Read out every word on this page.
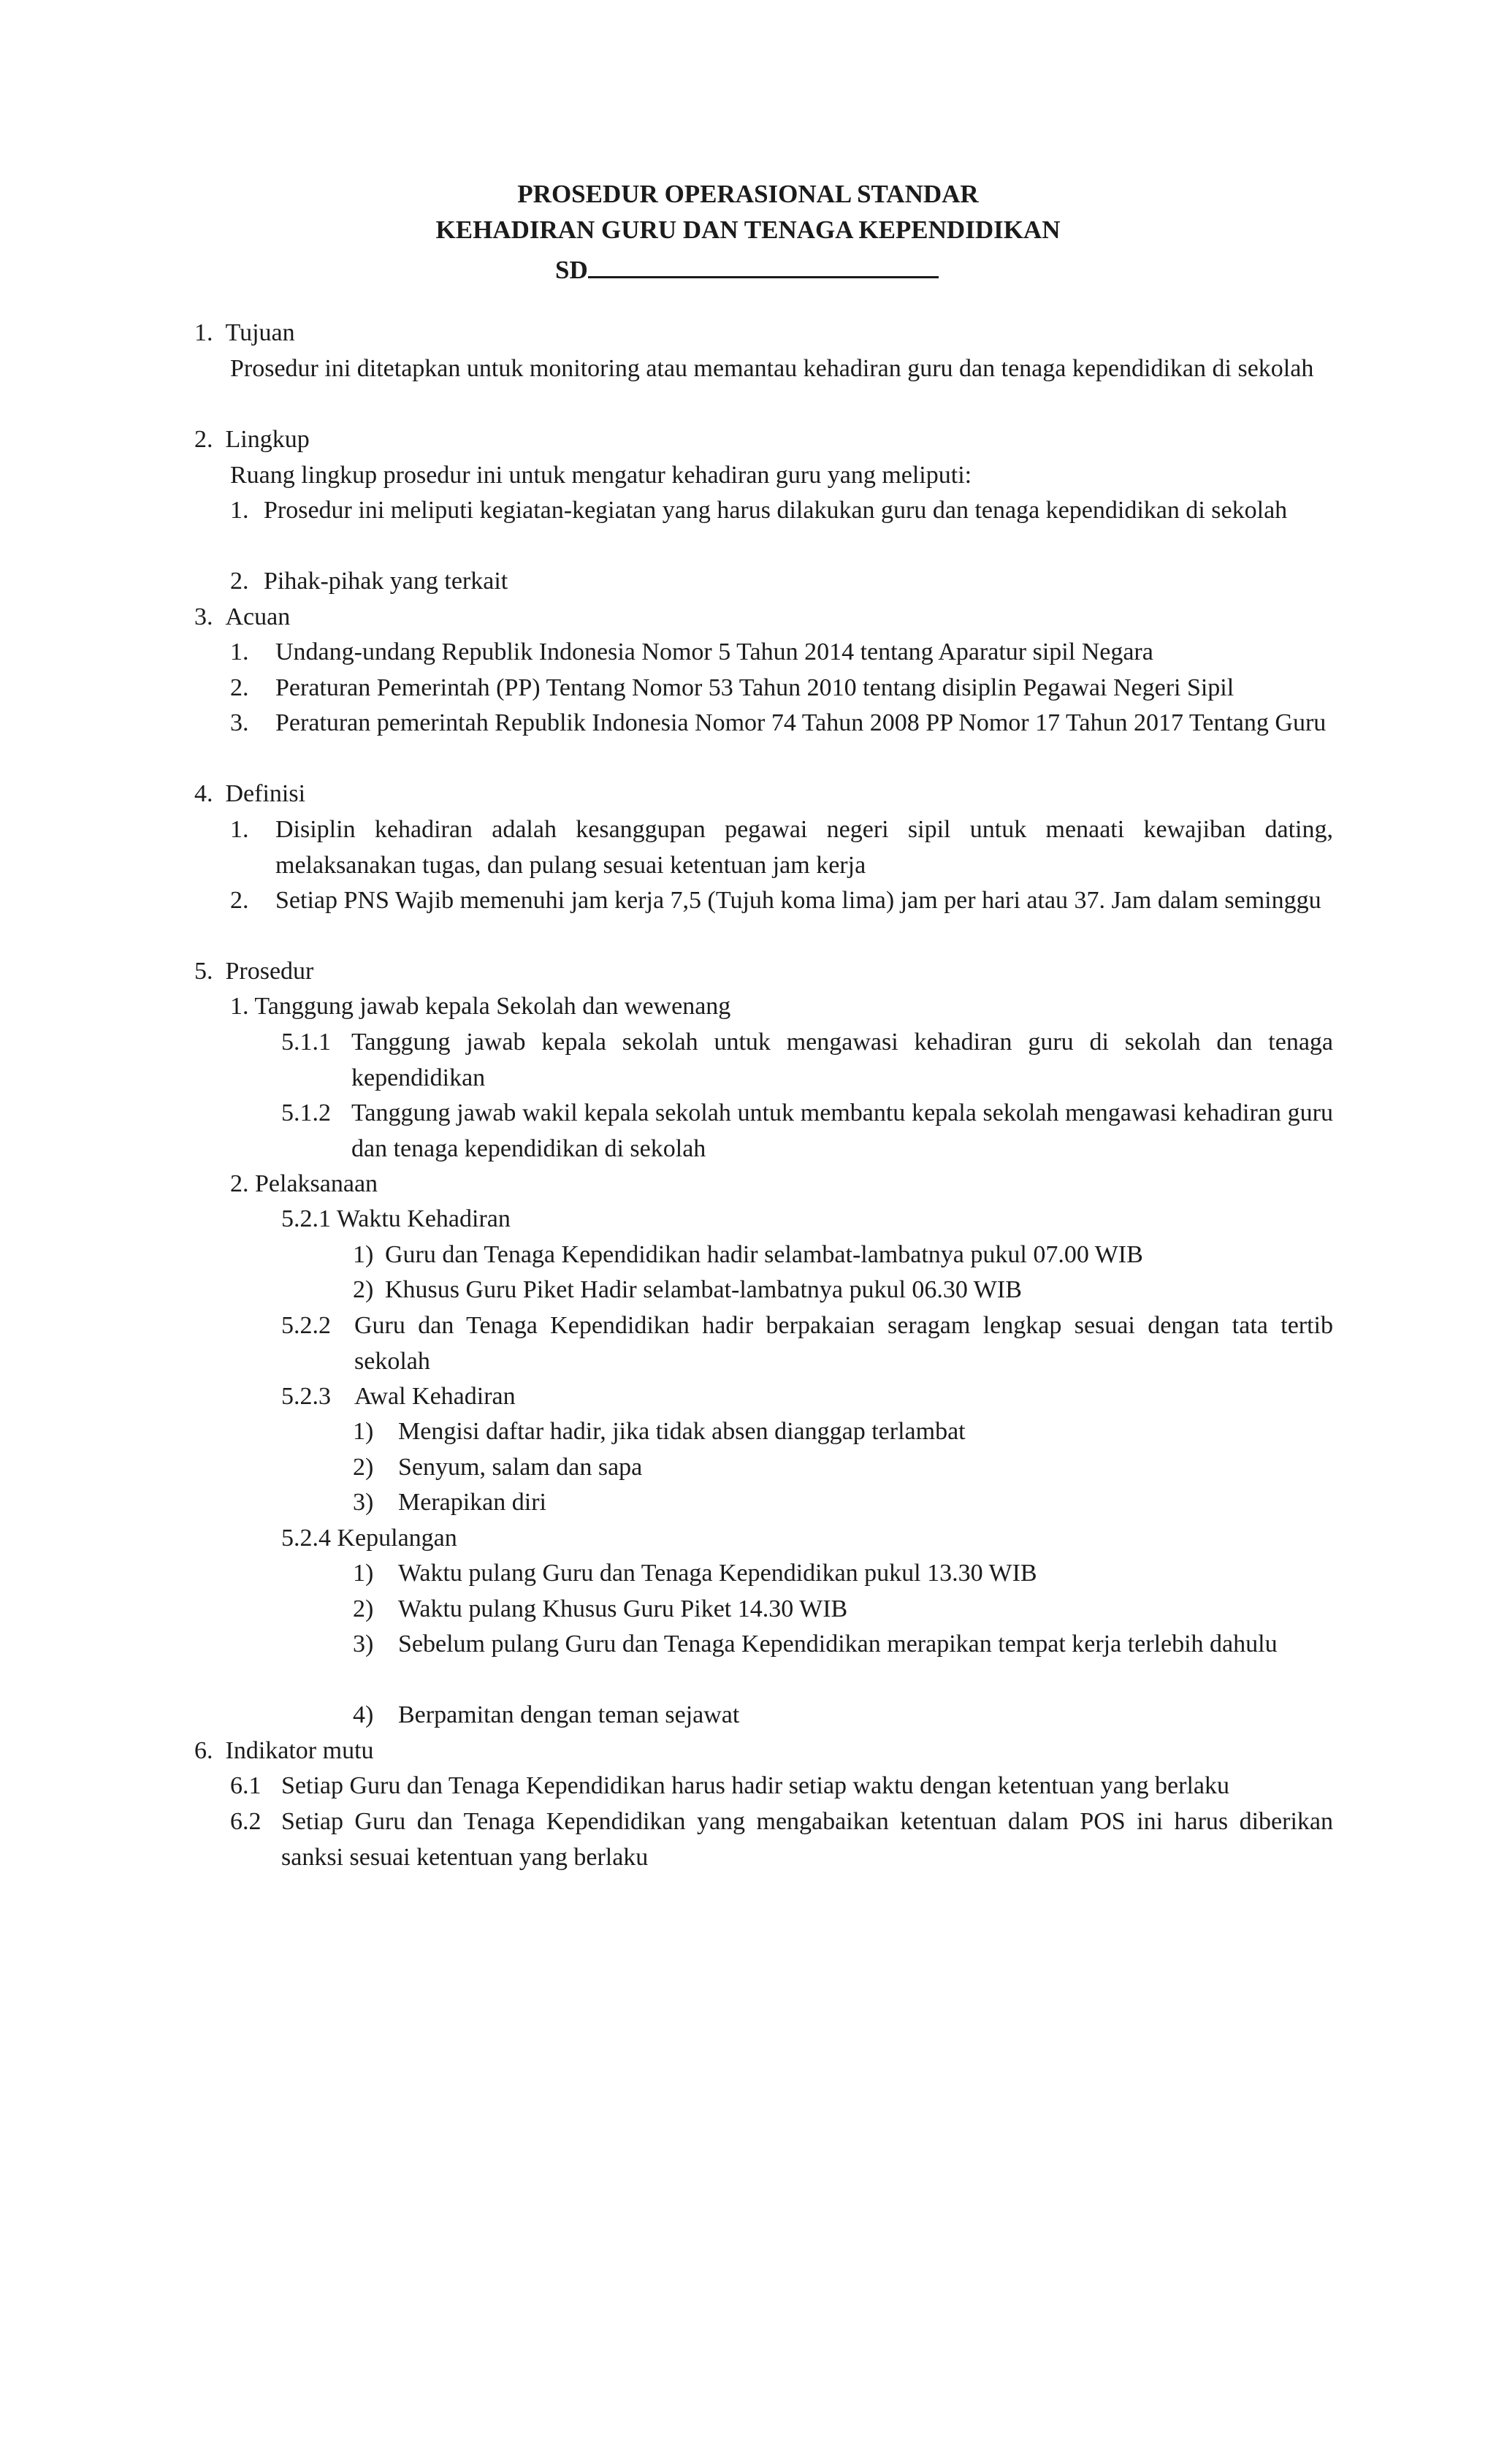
PROSEDUR OPERASIONAL STANDAR
KEHADIRAN GURU DAN TENAGA KEPENDIDIKAN
SD
1. Tujuan
Prosedur ini ditetapkan untuk monitoring atau memantau kehadiran guru dan tenaga kependidikan di sekolah
2. Lingkup
Ruang lingkup prosedur ini untuk mengatur kehadiran guru yang meliputi:
1. Prosedur ini meliputi kegiatan-kegiatan yang harus dilakukan guru dan tenaga kependidikan di sekolah
2. Pihak-pihak yang terkait
3. Acuan
1. Undang-undang Republik Indonesia Nomor 5 Tahun 2014 tentang Aparatur sipil Negara
2. Peraturan Pemerintah (PP) Tentang Nomor 53 Tahun 2010 tentang disiplin Pegawai Negeri Sipil
3. Peraturan pemerintah Republik Indonesia Nomor 74 Tahun 2008 PP Nomor 17 Tahun 2017 Tentang Guru
4. Definisi
1. Disiplin kehadiran adalah kesanggupan pegawai negeri sipil untuk menaati kewajiban dating, melaksanakan tugas, dan pulang sesuai ketentuan jam kerja
2. Setiap PNS Wajib memenuhi jam kerja 7,5 (Tujuh koma lima) jam per hari atau 37. Jam dalam seminggu
5. Prosedur
1. Tanggung jawab kepala Sekolah dan wewenang
5.1.1 Tanggung jawab kepala sekolah untuk mengawasi kehadiran guru di sekolah dan tenaga kependidikan
5.1.2 Tanggung jawab wakil kepala sekolah untuk membantu kepala sekolah mengawasi kehadiran guru dan tenaga kependidikan di sekolah
2. Pelaksanaan
5.2.1 Waktu Kehadiran
1) Guru dan Tenaga Kependidikan hadir selambat-lambatnya pukul 07.00 WIB
2) Khusus Guru Piket Hadir selambat-lambatnya pukul 06.30 WIB
5.2.2 Guru dan Tenaga Kependidikan hadir berpakaian seragam lengkap sesuai dengan tata tertib sekolah
5.2.3 Awal Kehadiran
1) Mengisi daftar hadir, jika tidak absen dianggap terlambat
2) Senyum, salam dan sapa
3) Merapikan diri
5.2.4 Kepulangan
1) Waktu pulang Guru dan Tenaga Kependidikan pukul 13.30 WIB
2) Waktu pulang Khusus Guru Piket 14.30 WIB
3) Sebelum pulang Guru dan Tenaga Kependidikan merapikan tempat kerja terlebih dahulu
4) Berpamitan dengan teman sejawat
6. Indikator mutu
6.1 Setiap Guru dan Tenaga Kependidikan harus hadir setiap waktu dengan ketentuan yang berlaku
6.2 Setiap Guru dan Tenaga Kependidikan yang mengabaikan ketentuan dalam POS ini harus diberikan sanksi sesuai ketentuan yang berlaku
